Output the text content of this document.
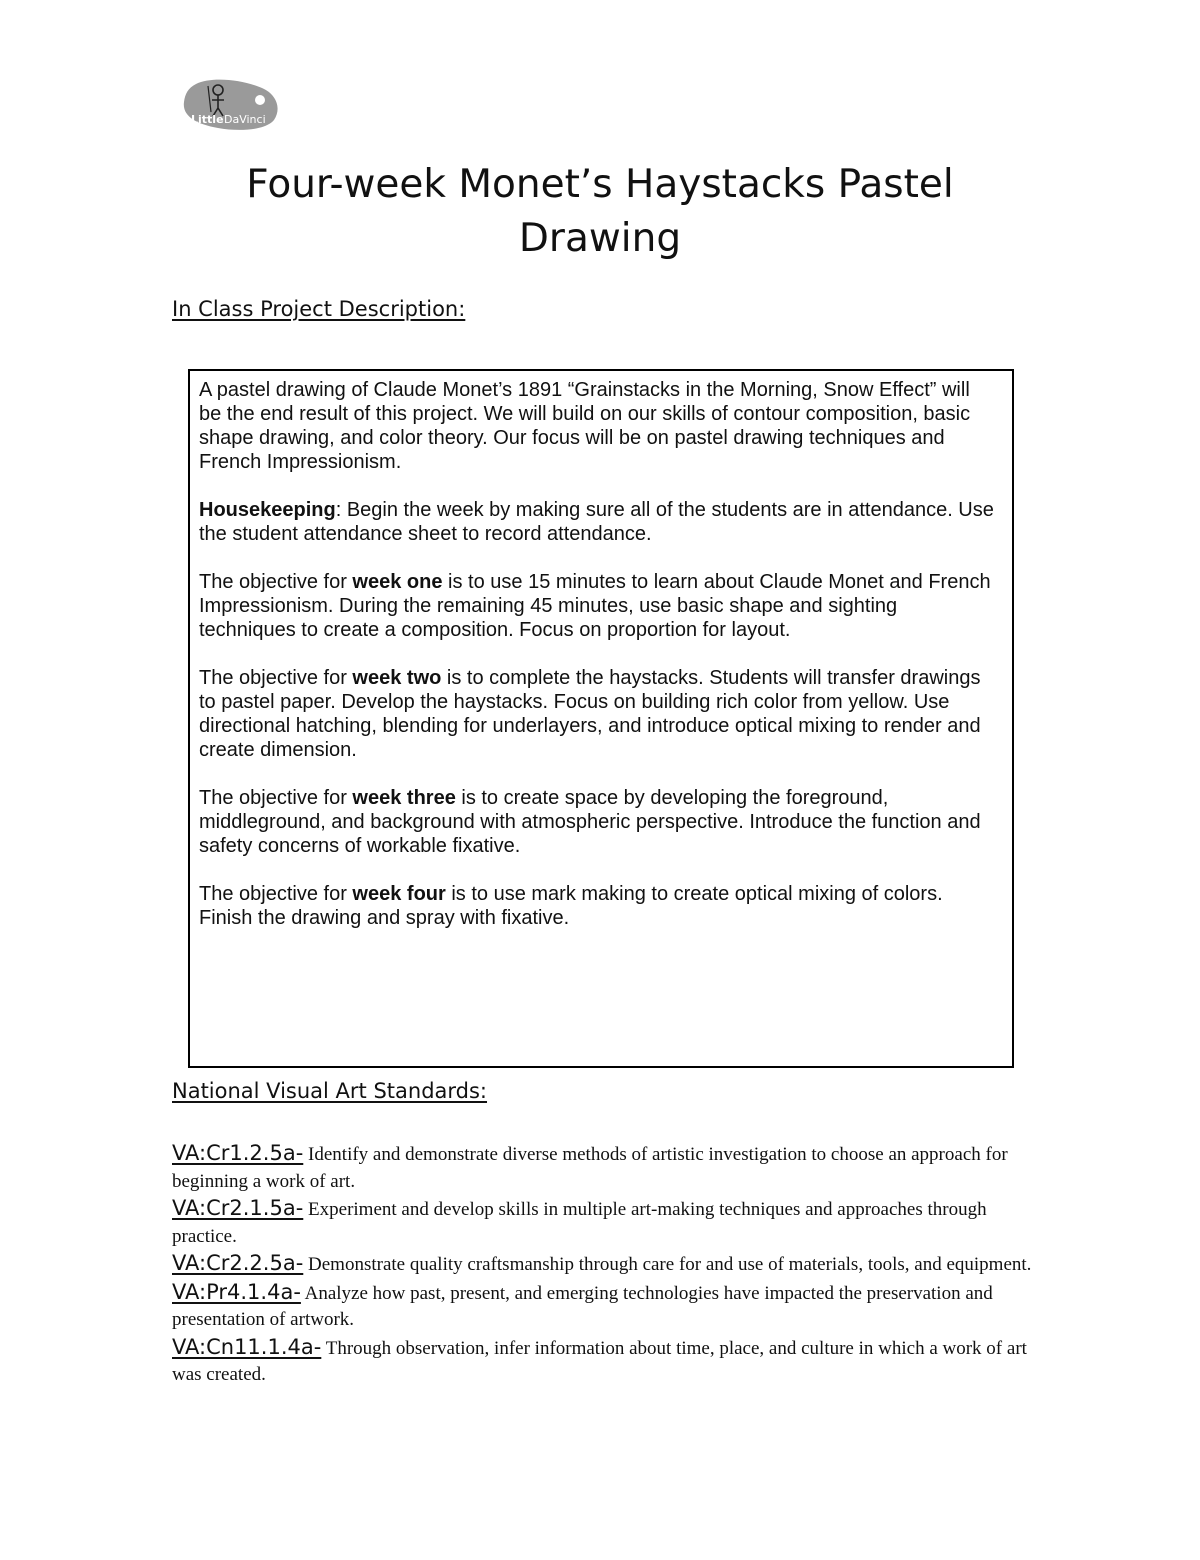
Little DaVinci
Four-week Monet’s Haystacks Pastel
Drawing
In Class Project Description:

A pastel drawing of Claude Monet’s 1891 “Grainstacks in the Morning, Snow Effect” will be the end result of this project. We will build on our skills of contour composition, basic shape drawing, and color theory. Our focus will be on pastel drawing techniques and French Impressionism.

Housekeeping: Begin the week by making sure all of the students are in attendance. Use the student attendance sheet to record attendance.

The objective for week one is to use 15 minutes to learn about Claude Monet and French Impressionism. During the remaining 45 minutes, use basic shape and sighting techniques to create a composition. Focus on proportion for layout.

The objective for week two is to complete the haystacks. Students will transfer drawings to pastel paper. Develop the haystacks. Focus on building rich color from yellow. Use directional hatching, blending for underlayers, and introduce optical mixing to render and create dimension.

The objective for week three is to create space by developing the foreground, middleground, and background with atmospheric perspective. Introduce the function and safety concerns of workable fixative.

The objective for week four is to use mark making to create optical mixing of colors. Finish the drawing and spray with fixative.

National Visual Art Standards:

VA:Cr1.2.5a- Identify and demonstrate diverse methods of artistic investigation to choose an approach for beginning a work of art.

VA:Cr2.1.5a- Experiment and develop skills in multiple art-making techniques and approaches through practice.

VA:Cr2.2.5a- Demonstrate quality craftsmanship through care for and use of materials, tools, and equipment.

VA:Pr4.1.4a- Analyze how past, present, and emerging technologies have impacted the preservation and presentation of artwork.

VA:Cn11.1.4a- Through observation, infer information about time, place, and culture in which a work of art was created.
